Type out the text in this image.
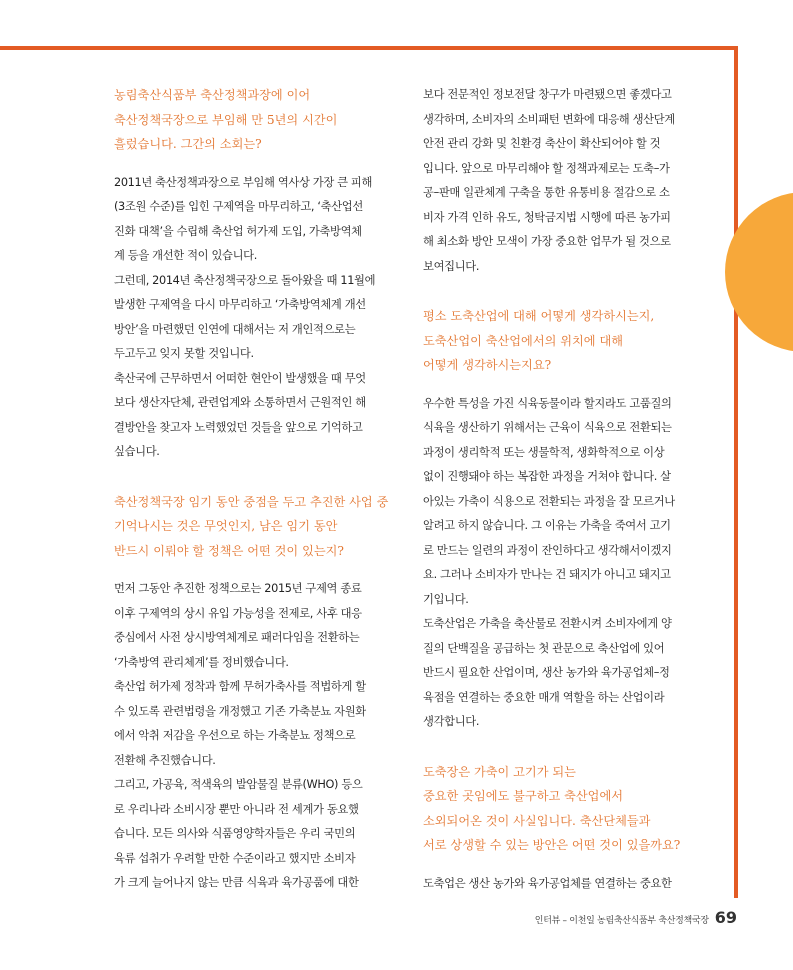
농림축산식품부 축산정책과장에 이어
축산정책국장으로 부임해 만 5년의 시간이
흘렀습니다. 그간의 소회는?

2011년 축산정책과장으로 부임해 역사상 가장 큰 피해
(3조원 수준)를 입힌 구제역을 마무리하고, ‘축산업선
진화 대책’을 수립해 축산업 허가제 도입, 가축방역체
계 등을 개선한 적이 있습니다.
그런데, 2014년 축산정책국장으로 돌아왔을 때 11월에
발생한 구제역을 다시 마무리하고 ‘가축방역체계 개선
방안’을 마련했던 인연에 대해서는 저 개인적으로는
두고두고 잊지 못할 것입니다.
축산국에 근무하면서 어떠한 현안이 발생했을 때 무엇
보다 생산자단체, 관련업계와 소통하면서 근원적인 해
결방안을 찾고자 노력했었던 것들을 앞으로 기억하고
싶습니다.

축산정책국장 임기 동안 중점을 두고 추진한 사업 중
기억나시는 것은 무엇인지, 남은 임기 동안
반드시 이뤄야 할 정책은 어떤 것이 있는지?

먼저 그동안 추진한 정책으로는 2015년 구제역 종료
이후 구제역의 상시 유입 가능성을 전제로, 사후 대응
중심에서 사전 상시방역체계로 패러다임을 전환하는
‘가축방역 관리체계’를 정비했습니다.
축산업 허가제 정착과 함께 무허가축사를 적법하게 할
수 있도록 관련법령을 개정했고 기존 가축분뇨 자원화
에서 악취 저감을 우선으로 하는 가축분뇨 정책으로
전환해 추진했습니다.
그리고, 가공육, 적색육의 발암물질 분류(WHO) 등으
로 우리나라 소비시장 뿐만 아니라 전 세계가 동요했
습니다. 모든 의사와 식품영양학자들은 우리 국민의
육류 섭취가 우려할 만한 수준이라고 했지만 소비자
가 크게 늘어나지 않는 만큼 식육과 육가공품에 대한

보다 전문적인 정보전달 창구가 마련됐으면 좋겠다고
생각하며, 소비자의 소비패턴 변화에 대응해 생산단계
안전 관리 강화 및 친환경 축산이 확산되어야 할 것
입니다. 앞으로 마무리해야 할 정책과제로는 도축–가
공–판매 일관체계 구축을 통한 유통비용 절감으로 소
비자 가격 인하 유도, 청탁금지법 시행에 따른 농가피
해 최소화 방안 모색이 가장 중요한 업무가 될 것으로
보여집니다.

평소 도축산업에 대해 어떻게 생각하시는지,
도축산업이 축산업에서의 위치에 대해
어떻게 생각하시는지요?

우수한 특성을 가진 식육동물이라 할지라도 고품질의
식육을 생산하기 위해서는 근육이 식육으로 전환되는
과정이 생리학적 또는 생물학적, 생화학적으로 이상
없이 진행돼야 하는 복잡한 과정을 거쳐야 합니다. 살
아있는 가축이 식용으로 전환되는 과정을 잘 모르거나
알려고 하지 않습니다. 그 이유는 가축을 죽여서 고기
로 만드는 일련의 과정이 잔인하다고 생각해서이겠지
요. 그러나 소비자가 만나는 건 돼지가 아니고 돼지고
기입니다.
도축산업은 가축을 축산물로 전환시켜 소비자에게 양
질의 단백질을 공급하는 첫 관문으로 축산업에 있어
반드시 필요한 산업이며, 생산 농가와 육가공업체–정
육점을 연결하는 중요한 매개 역할을 하는 산업이라
생각합니다.

도축장은 가축이 고기가 되는
중요한 곳임에도 불구하고 축산업에서
소외되어온 것이 사실입니다. 축산단체들과
서로 상생할 수 있는 방안은 어떤 것이 있을까요?

도축업은 생산 농가와 육가공업체를 연결하는 중요한

인터뷰 – 이천일 농림축산식품부 축산정책국장 69
